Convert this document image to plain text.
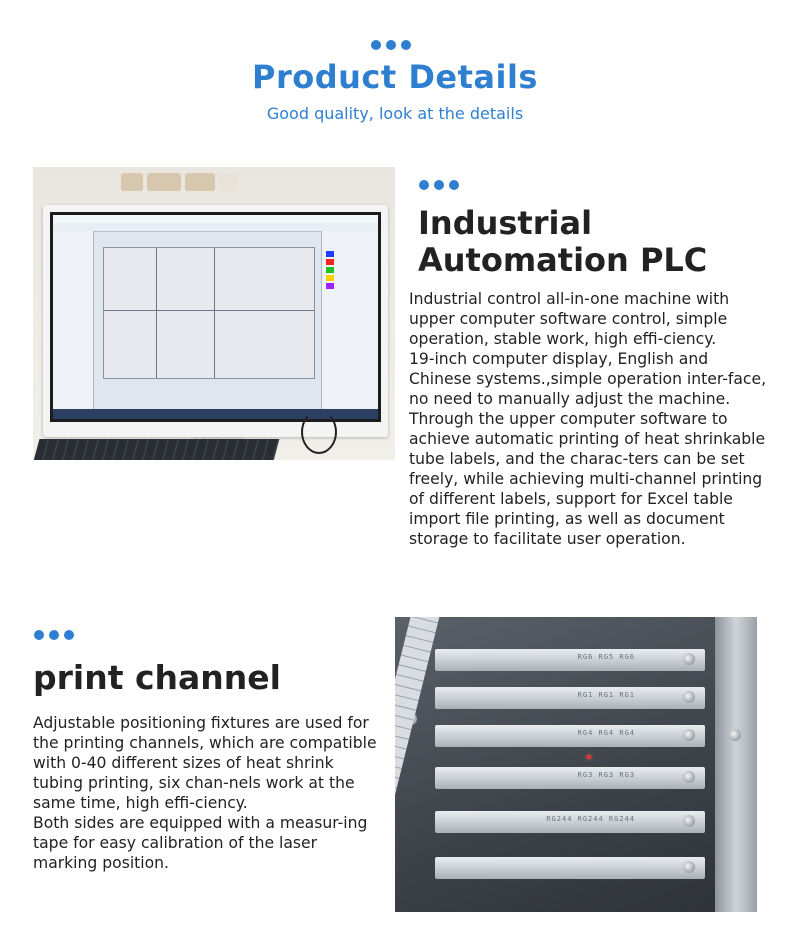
Product Details

Good quality, look at the details

Industrial Automation PLC

Industrial control all-in-one machine with upper computer software control, simple operation, stable work, high effi-ciency.

19-inch computer display, English and Chinese systems.,simple operation inter-face, no need to manually adjust the machine.

Through the upper computer software to achieve automatic printing of heat shrinkable tube labels, and the charac-ters can be set freely, while achieving multi-channel printing of different labels, support for Excel table import file printing, as well as document storage to facilitate user operation.

print channel

Adjustable positioning fixtures are used for the printing channels, which are compatible with 0-40 different sizes of heat shrink tubing printing, six chan-nels work at the same time, high effi-ciency.

Both sides are equipped with a measur-ing tape for easy calibration of the laser marking position.

RG6 RG5 RG6
RG1 RG1 RG1
RG4 RG4 RG4
RG3 RG3 RG3
RG244 RG244 RG244
